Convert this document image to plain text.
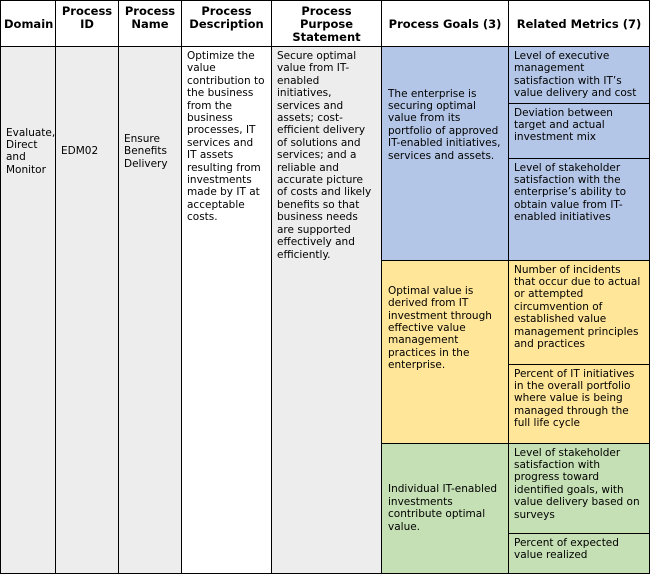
Domain	Process ID	Process Name	Process Description	Process Purpose Statement	Process Goals (3)	Related Metrics (7)
Evaluate, Direct and Monitor	EDM02	Ensure Benefits Delivery	Optimize the value contribution to the business from the business processes, IT services and IT assets resulting from investments made by IT at acceptable costs.	Secure optimal value from IT-enabled initiatives, services and assets; cost-efficient delivery of solutions and services; and a reliable and accurate picture of costs and likely benefits so that business needs are supported effectively and efficiently.	The enterprise is securing optimal value from its portfolio of approved IT-enabled initiatives, services and assets.	Level of executive management satisfaction with IT’s value delivery and cost
						Deviation between target and actual investment mix
						Level of stakeholder satisfaction with the enterprise’s ability to obtain value from IT-enabled initiatives
					Optimal value is derived from IT investment through effective value management practices in the enterprise.	Number of incidents that occur due to actual or attempted circumvention of established value management principles and practices
						Percent of IT initiatives in the overall portfolio where value is being managed through the full life cycle
					Individual IT-enabled investments contribute optimal value.	Level of stakeholder satisfaction with progress toward identified goals, with value delivery based on surveys
						Percent of expected value realized
